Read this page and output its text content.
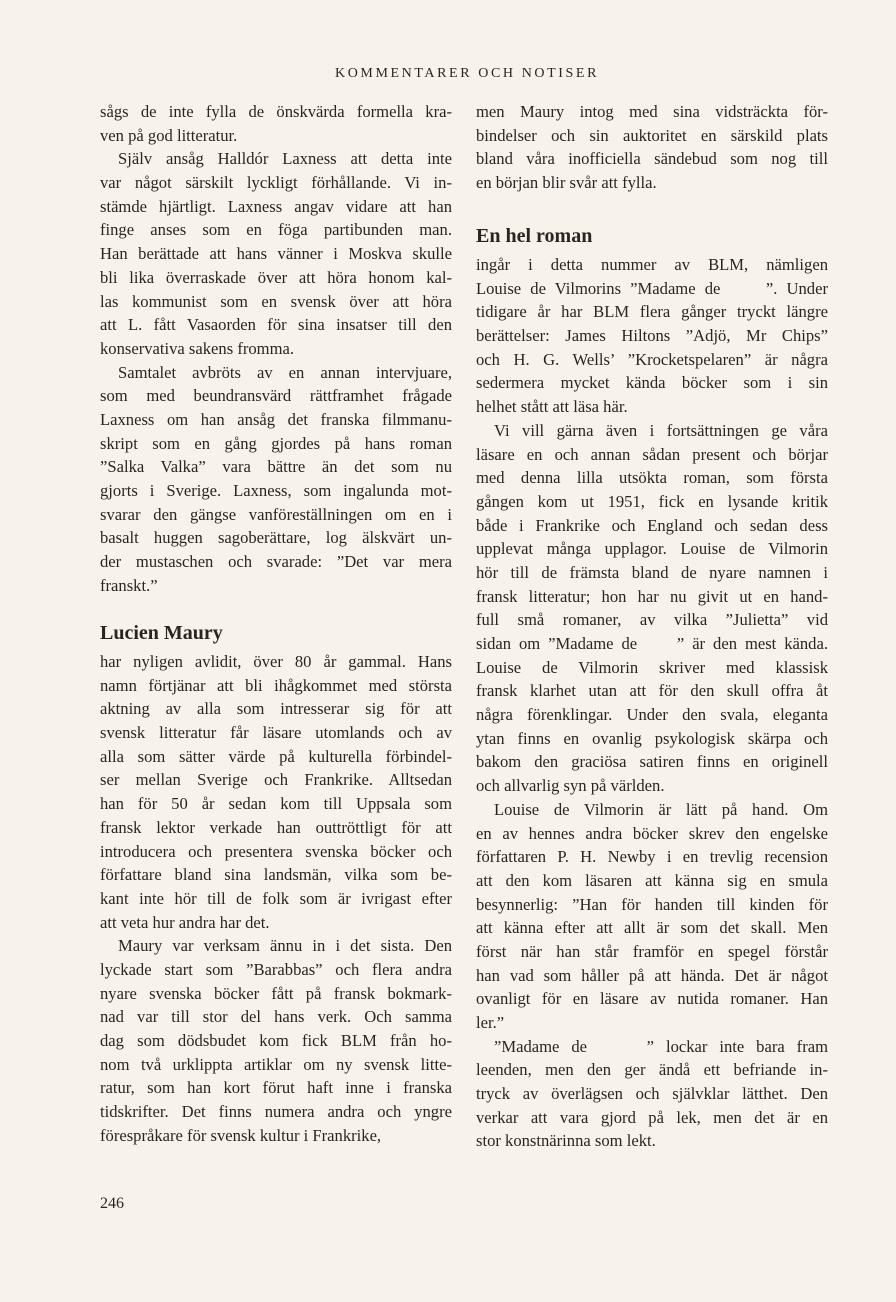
KOMMENTARER OCH NOTISER
sågs de inte fylla de önskvärda formella kra-
ven på god litteratur.
Själv ansåg Halldór Laxness att detta inte
var något särskilt lyckligt förhållande. Vi in-
stämde hjärtligt. Laxness angav vidare att han
finge anses som en föga partibunden man.
Han berättade att hans vänner i Moskva skulle
bli lika överraskade över att höra honom kal-
las kommunist som en svensk över att höra
att L. fått Vasaorden för sina insatser till den
konservativa sakens fromma.
Samtalet avbröts av en annan intervjuare,
som med beundransvärd rättframhet frågade
Laxness om han ansåg det franska filmmanu-
skript som en gång gjordes på hans roman
”Salka Valka” vara bättre än det som nu
gjorts i Sverige. Laxness, som ingalunda mot-
svarar den gängse vanföreställningen om en i
basalt huggen sagoberättare, log älskvärt un-
der mustaschen och svarade: ”Det var mera
franskt.”
Lucien Maury
har nyligen avlidit, över 80 år gammal. Hans
namn förtjänar att bli ihågkommet med största
aktning av alla som intresserar sig för att
svensk litteratur får läsare utomlands och av
alla som sätter värde på kulturella förbindel-
ser mellan Sverige och Frankrike. Alltsedan
han för 50 år sedan kom till Uppsala som
fransk lektor verkade han outtröttligt för att
introducera och presentera svenska böcker och
författare bland sina landsmän, vilka som be-
kant inte hör till de folk som är ivrigast efter
att veta hur andra har det.
Maury var verksam ännu in i det sista. Den
lyckade start som ”Barabbas” och flera andra
nyare svenska böcker fått på fransk bokmark-
nad var till stor del hans verk. Och samma
dag som dödsbudet kom fick BLM från ho-
nom två urklippta artiklar om ny svensk litte-
ratur, som han kort förut haft inne i franska
tidskrifter. Det finns numera andra och yngre
förespråkare för svensk kultur i Frankrike,
men Maury intog med sina vidsträckta för-
bindelser och sin auktoritet en särskild plats
bland våra inofficiella sändebud som nog till
en början blir svår att fylla.
En hel roman
ingår i detta nummer av BLM, nämligen
Louise de Vilmorins ”Madame de     ”. Under
tidigare år har BLM flera gånger tryckt längre
berättelser: James Hiltons ”Adjö, Mr Chips”
och H. G. Wells’ ”Krocketspelaren” är några
sedermera mycket kända böcker som i sin
helhet stått att läsa här.
Vi vill gärna även i fortsättningen ge våra
läsare en och annan sådan present och börjar
med denna lilla utsökta roman, som första
gången kom ut 1951, fick en lysande kritik
både i Frankrike och England och sedan dess
upplevat många upplagor. Louise de Vilmorin
hör till de främsta bland de nyare namnen i
fransk litteratur; hon har nu givit ut en hand-
full små romaner, av vilka ”Julietta” vid
sidan om ”Madame de     ” är den mest kända.
Louise de Vilmorin skriver med klassisk
fransk klarhet utan att för den skull offra åt
några förenklingar. Under den svala, eleganta
ytan finns en ovanlig psykologisk skärpa och
bakom den graciösa satiren finns en originell
och allvarlig syn på världen.
Louise de Vilmorin är lätt på hand. Om
en av hennes andra böcker skrev den engelske
författaren P. H. Newby i en trevlig recension
att den kom läsaren att känna sig en smula
besynnerlig: ”Han för handen till kinden för
att känna efter att allt är som det skall. Men
först när han står framför en spegel förstår
han vad som håller på att hända. Det är något
ovanligt för en läsare av nutida romaner. Han
ler.”
”Madame de     ” lockar inte bara fram
leenden, men den ger ändå ett befriande in-
tryck av överlägsen och självklar lätthet. Den
verkar att vara gjord på lek, men det är en
stor konstnärinna som lekt.
246
